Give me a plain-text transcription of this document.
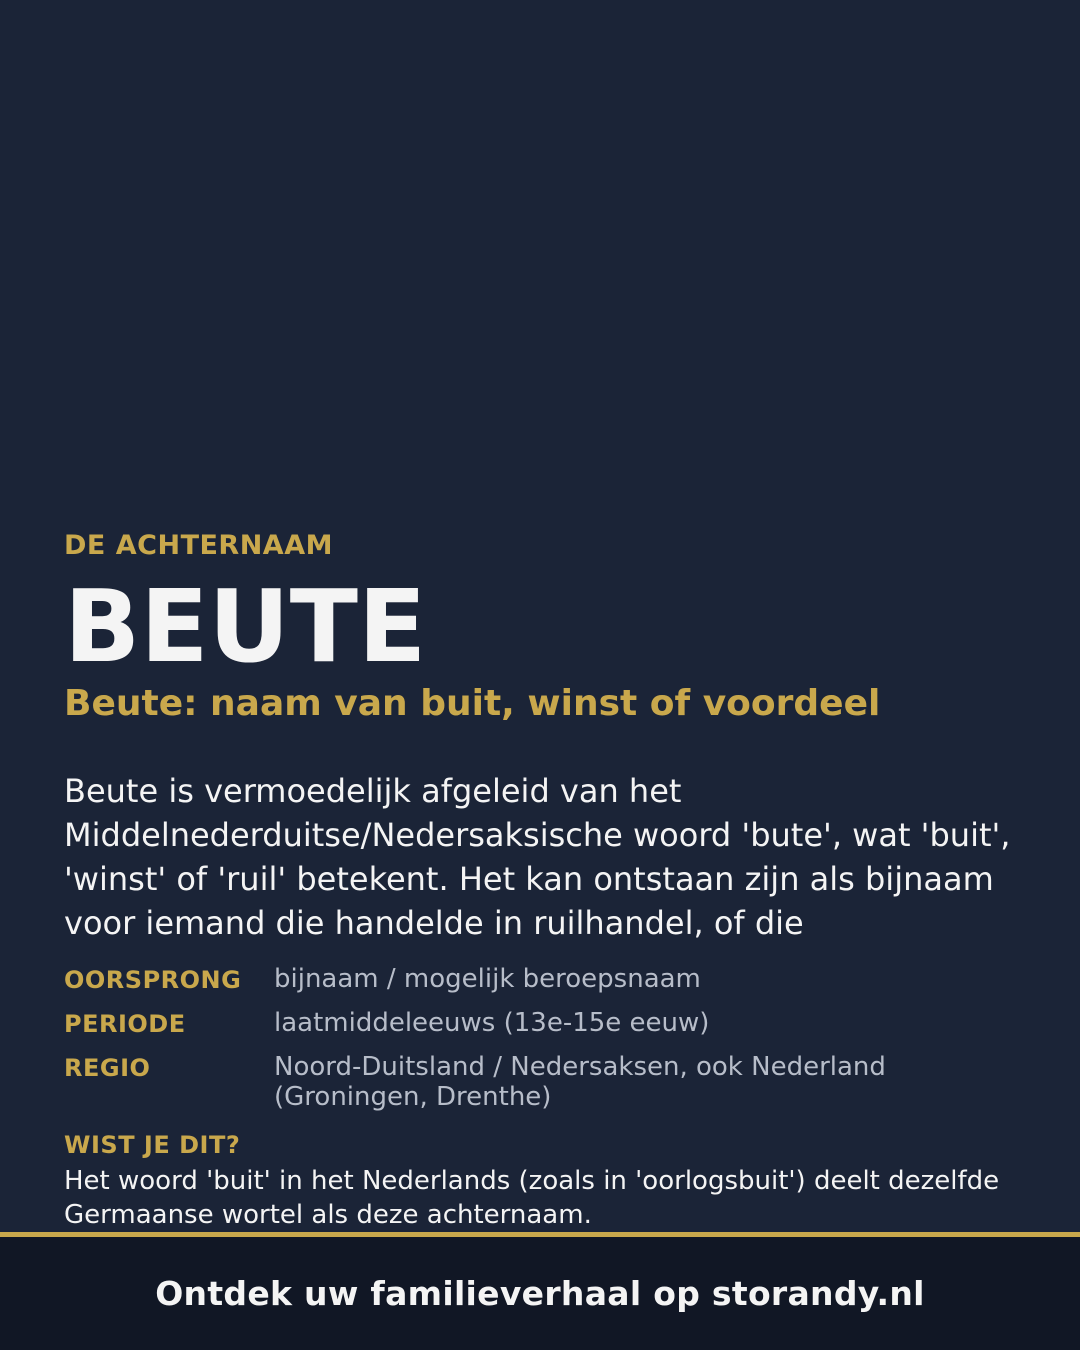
DE ACHTERNAAM
BEUTE
Beute: naam van buit, winst of voordeel
Beute is vermoedelijk afgeleid van het Middelnederduitse/Nedersaksische woord 'bute', wat 'buit', 'winst' of 'ruil' betekent. Het kan ontstaan zijn als bijnaam voor iemand die handelde in ruilhandel, of die
OORSPRONG	bijnaam / mogelijk beroepsnaam
PERIODE	laatmiddeleeuws (13e-15e eeuw)
REGIO	Noord-Duitsland / Nedersaksen, ook Nederland (Groningen, Drenthe)
WIST JE DIT?
Het woord 'buit' in het Nederlands (zoals in 'oorlogsbuit') deelt dezelfde Germaanse wortel als deze achternaam.
Ontdek uw familieverhaal op storandy.nl
